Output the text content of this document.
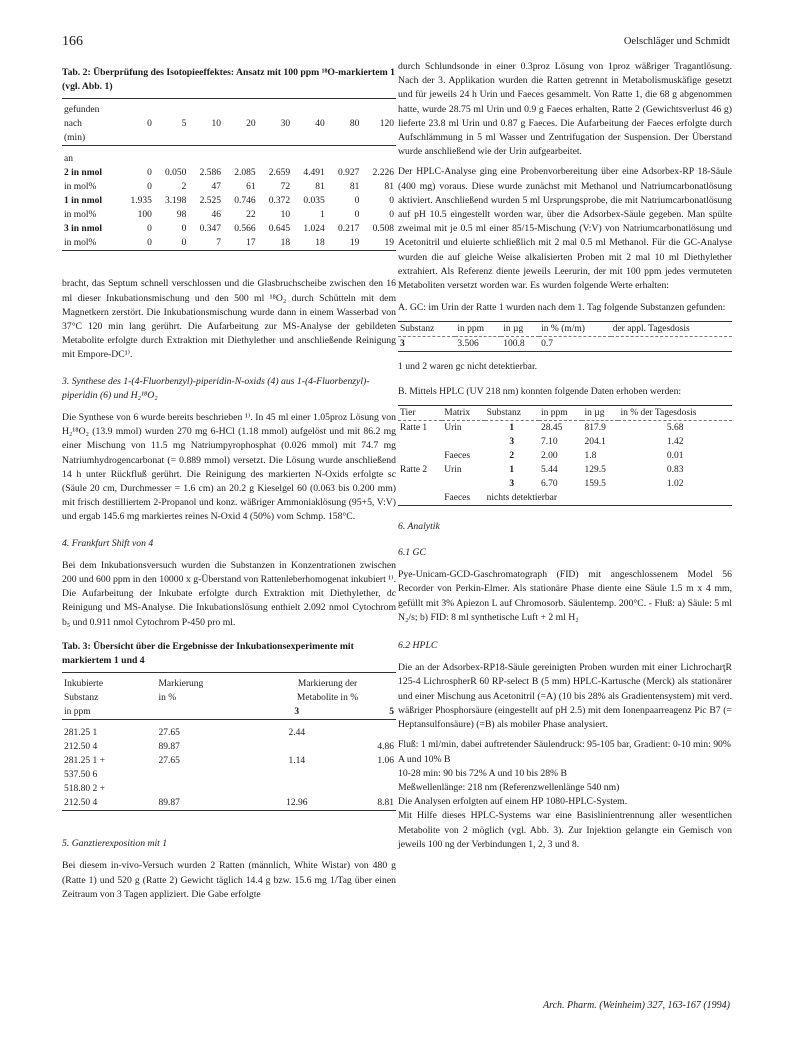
166	Oelschläger und Schmidt
Tab. 2: Überprüfung des Isotopieeffektes: Ansatz mit 100 ppm ¹⁸O-markiertem 1 (vgl. Abb. 1)

gefunden								
nach	0	5	10	20	30	40	80	120
(min)								

an								
2 in nmol	0	0.050	2.586	2.085	2.659	4.491	0.927	2.226
in mol%	0	2	47	61	72	81	81	81
1 in nmol	1.935	3.198	2.525	0.746	0.372	0.035	0	0
in mol%	100	98	46	22	10	1	0	0
3 in nmol	0	0	0.347	0.566	0.645	1.024	0.217	0.508
in mol%	0	0	7	17	18	18	19	19

bracht, das Septum schnell verschlossen und die Glasbruchscheibe zwischen den 16 ml dieser Inkubationsmischung und den 500 ml ¹⁸O₂ durch Schütteln mit dem Magnetkern zerstört. Die Inkubationsmischung wurde dann in einem Wasserbad von 37°C 120 min lang gerührt. Die Aufarbeitung zur MS-Analyse der gebildeten Metabolite erfolgte durch Extraktion mit Diethylether und anschließende Reinigung mit Empore-DC¹⁾.

3. Synthese des 1-(4-Fluorbenzyl)-piperidin-N-oxids (4) aus 1-(4-Fluorbenzyl)-piperidin (6) und H₂¹⁸O₂

Die Synthese von 6 wurde bereits beschrieben ¹⁾. In 45 ml einer 1.05proz Lösung von H₂¹⁸O₂ (13.9 mmol) wurden 270 mg 6-HCl (1.18 mmol) aufgelöst und mit 86.2 mg einer Mischung von 11.5 mg Natriumpyrophosphat (0.026 mmol) mit 74.7 mg Natriumhydrogencarbonat (= 0.889 mmol) versetzt. Die Lösung wurde anschließend 14 h unter Rückfluß gerührt. Die Reinigung des markierten N-Oxids erfolgte sc (Säule 20 cm, Durchmesser = 1.6 cm) an 20.2 g Kieselgel 60 (0.063 bis 0.200 mm) mit frisch destilliertem 2-Propanol und konz. wäßriger Ammoniaklösung (95+5, V:V) und ergab 145.6 mg markiertes reines N-Oxid 4 (50%) vom Schmp. 158°C.

4. Frankfurt Shift von 4

Bei dem Inkubationsversuch wurden die Substanzen in Konzentrationen zwischen 200 und 600 ppm in den 10000 x g-Überstand von Rattenleberhomogenat inkubiert ¹⁾. Die Aufarbeitung der Inkubate erfolgte durch Extraktion mit Diethylether, dc Reinigung und MS-Analyse. Die Inkubationslösung enthielt 2.092 nmol Cytochrom b₅ und 0.911 nmol Cytochrom P-450 pro ml.

Tab. 3: Übersicht über die Ergebnisse der Inkubationsexperimente mit markiertem 1 und 4

Inkubierte	Markierung	Markierung der	
Substanz	in %	Metabolite in %	
in ppm		3	5

281.25 1	27.65	2.44	
212.50 4	89.87		4.86
281.25 1 +	27.65	1.14	1.06
537.50 6			
518.80 2 +			
212.50 4	89.87	12.96	8.81
5. Ganztierexposition mit 1

Bei diesem in-vivo-Versuch wurden 2 Ratten (männlich, White Wistar) von 480 g (Ratte 1) und 520 g (Ratte 2) Gewicht täglich 14.4 g bzw. 15.6 mg 1/Tag über einen Zeitraum von 3 Tagen appliziert. Die Gabe erfolgte

durch Schlundsonde in einer 0.3proz Lösung von 1proz wäßriger Tragantlösung. Nach der 3. Applikation wurden die Ratten getrennt in Metabolismuskäfige gesetzt und für jeweils 24 h Urin und Faeces gesammelt. Von Ratte 1, die 68 g abgenommen hatte, wurde 28.75 ml Urin und 0.9 g Faeces erhalten, Ratte 2 (Gewichtsverlust 46 g) lieferte 23.8 ml Urin und 0.87 g Faeces. Die Aufarbeitung der Faeces erfolgte durch Aufschlämmung in 5 ml Wasser und Zentrifugation der Suspension. Der Überstand wurde anschließend wie der Urin aufgearbeitet.

Der HPLC-Analyse ging eine Probenvorbereitung über eine Adsorbex-RP 18-Säule (400 mg) voraus. Diese wurde zunächst mit Methanol und Natriumcarbonatlösung aktiviert. Anschließend wurden 5 ml Ursprungsprobe, die mit Natriumcarbonatlösung auf pH 10.5 eingestellt worden war, über die Adsorbex-Säule gegeben. Man spülte zweimal mit je 0.5 ml einer 85/15-Mischung (V:V) von Natriumcarbonatlösung und Acetonitril und eluierte schließlich mit 2 mal 0.5 ml Methanol. Für die GC-Analyse wurden die auf gleiche Weise alkalisierten Proben mit 2 mal 10 ml Diethylether extrahiert. Als Referenz diente jeweils Leerurin, der mit 100 ppm jedes vermuteten Metaboliten versetzt worden war. Es wurden folgende Werte erhalten:

A. GC: im Urin der Ratte 1 wurden nach dem 1. Tag folgende Substanzen gefunden:

Substanz	in ppm	in µg	in % (m/m)	der appl. Tagesdosis
3	3.506	100.8	0.7	

1 und 2 waren gc nicht detektierbar.

B. Mittels HPLC (UV 218 nm) konnten folgende Daten erhoben werden:

Tier	Matrix	Substanz	in ppm	in µg	in % der Tagesdosis
Ratte 1	Urin	1	28.45	817.9	5.68
		3	7.10	204.1	1.42
	Faeces	2	2.00	1.8	0.01
Ratte 2	Urin	1	5.44	129.5	0.83
		3	6.70	159.5	1.02
	Faeces	nichts detektierbar			
6. Analytik
6.1 GC

Pye-Unicam-GCD-Gaschromatograph (FID) mit angeschlossenem Model 56 Recorder von Perkin-Elmer. Als stationäre Phase diente eine Säule 1.5 m x 4 mm, gefüllt mit 3% Apiezon L auf Chromosorb. Säulentemp. 200°C. - Fluß: a) Säule: 5 ml N₂/s; b) FID: 8 ml synthetische Luft + 2 ml H₂

6.2 HPLC

Die an der Adsorbex-RP18-Säule gereinigten Proben wurden mit einer LichrocharţR 125-4 LichrospherR 60 RP-select B (5 mm) HPLC-Kartusche (Merck) als stationärer und einer Mischung aus Acetonitril (=A) (10 bis 28% als Gradientensystem) mit verd. wäßriger Phosphorsäure (eingestellt auf pH 2.5) mit dem Ionenpaarreagenz Pic B7 (= Heptansulfonsäure) (=B) als mobiler Phase analysiert.

Fluß: 1 ml/min, dabei auftretender Säulendruck: 95-105 bar, Gradient: 0-10 min: 90% A und 10% B
10-28 min: 90 bis 72% A und 10 bis 28% B
Meßwellenlänge: 218 nm (Referenzwellenlänge 540 nm)
Die Analysen erfolgten auf einem HP 1080-HPLC-System.

Mit Hilfe dieses HPLC-Systems war eine Basislinientrennung aller wesentlichen Metabolite von 2 möglich (vgl. Abb. 3). Zur Injektion gelangte ein Gemisch von jeweils 100 ng der Verbindungen 1, 2, 3 und 8.

Arch. Pharm. (Weinheim) 327, 163-167 (1994)
